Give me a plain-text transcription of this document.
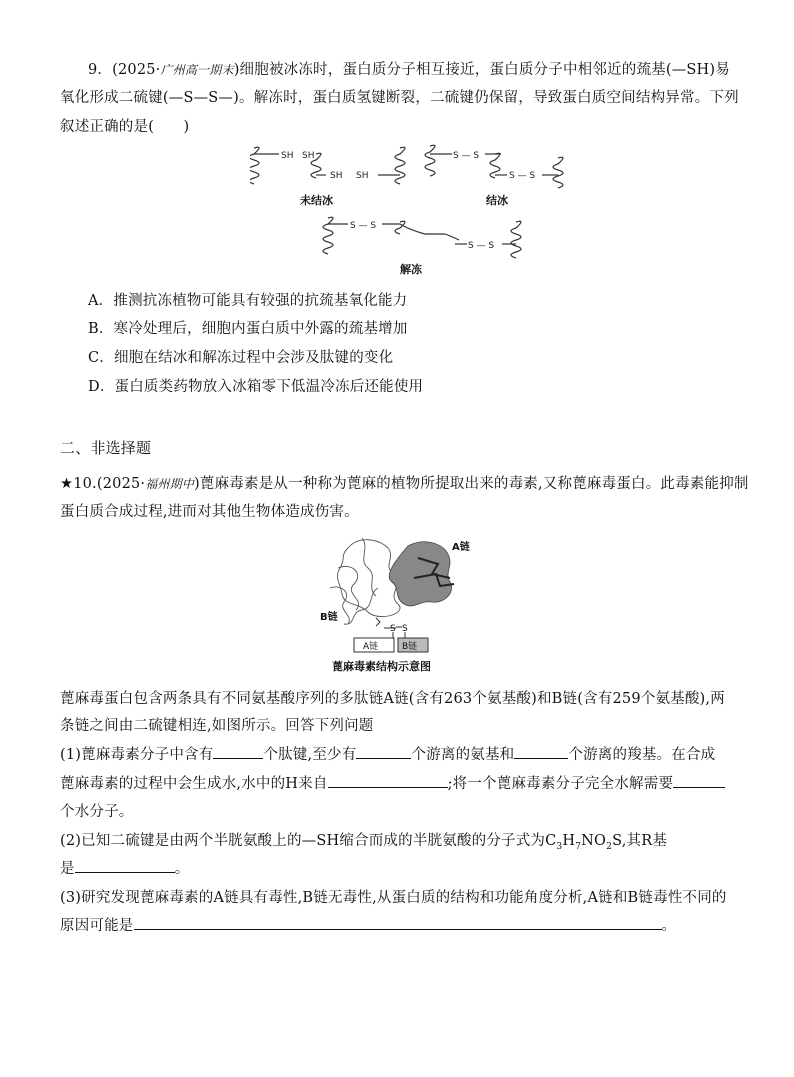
9．(2025·广州高一期末)细胞被冰冻时，蛋白质分子相互接近，蛋白质分子中相邻近的巯基(—SH)易
氧化形成二硫键(—S—S—)。解冻时，蛋白质氢键断裂，二硫键仍保留，导致蛋白质空间结构异常。下列
叙述正确的是(　　)
SH SH
SH SH
S — S
S — S
S — S
S — S
未结冰	结冰
解冻
A．推测抗冻植物可能具有较强的抗巯基氧化能力
B．寒冷处理后，细胞内蛋白质中外露的巯基增加
C．细胞在结冰和解冻过程中会涉及肽键的变化
D．蛋白质类药物放入冰箱零下低温冷冻后还能使用
二、非选择题
★10.(2025·福州期中)蓖麻毒素是从一种称为蓖麻的植物所提取出来的毒素,又称蓖麻毒蛋白。此毒素能抑制
蛋白质合成过程,进而对其他生物体造成伤害。
A链
B链
S S
A链	B链
蓖麻毒素结构示意图
蓖麻毒蛋白包含两条具有不同氨基酸序列的多肽链A链(含有263个氨基酸)和B链(含有259个氨基酸),两
条链之间由二硫键相连,如图所示。回答下列问题
(1)蓖麻毒素分子中含有	个肽键,至少有	个游离的氨基和	个游离的羧基。在合成
蓖麻毒素的过程中会生成水,水中的H来自	;将一个蓖麻毒素分子完全水解需要
个水分子。
(2)已知二硫键是由两个半胱氨酸上的—SH缩合而成的半胱氨酸的分子式为$C_3H_7NO_2S$,其R基
是	。
(3)研究发现蓖麻毒素的A链具有毒性,B链无毒性,从蛋白质的结构和功能角度分析,A链和B链毒性不同的
原因可能是	。
